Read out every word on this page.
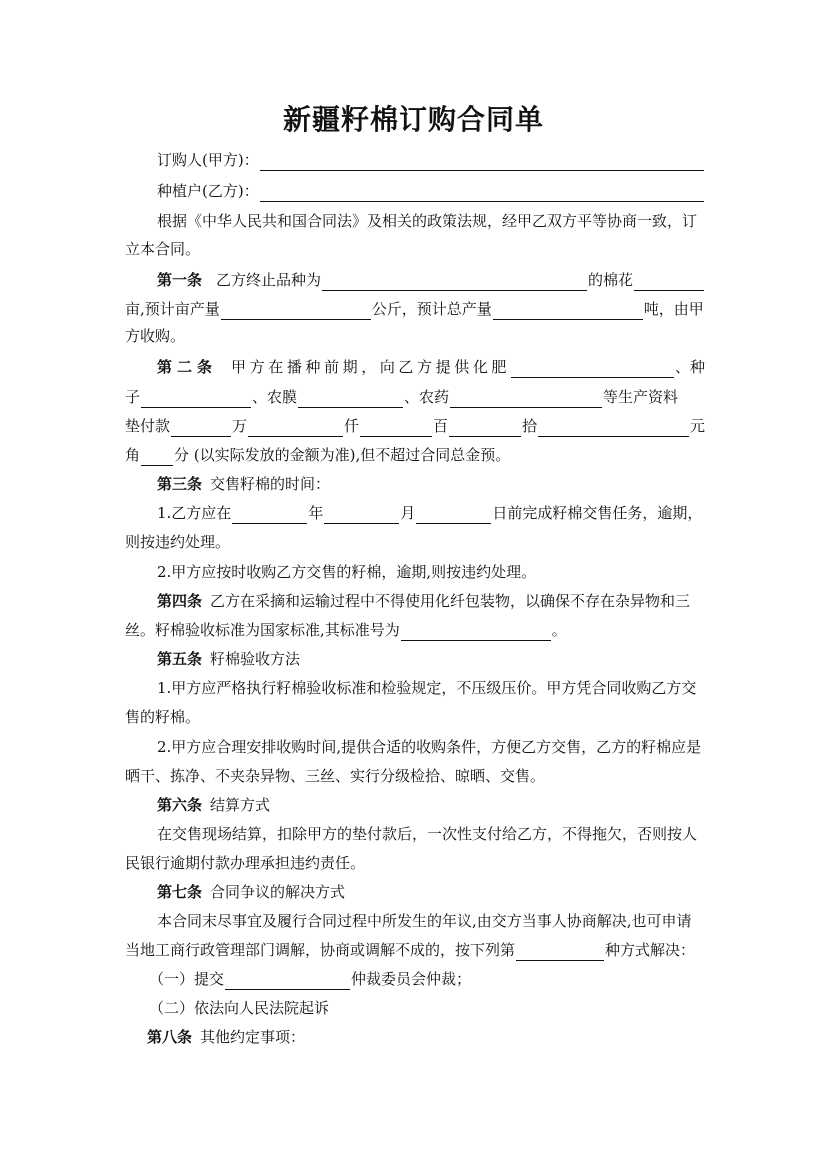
新疆籽棉订购合同单
订购人(甲方)：
种植户(乙方)：
根据《中华人民共和国合同法》及相关的政策法规，经甲乙双方平等协商一致，订
立本合同。
第一条 乙方终止品种为	的棉花
亩,预计亩产量	公斤，预计总产量	吨，由甲
方收购。
第二条 甲方在播种前期，向乙方提供化肥	、种
子	、农膜	、农药	等生产资料
垫付款	万	仟	百	拾	元
角 分 (以实际发放的金额为准),但不超过合同总金预。
第三条 交售籽棉的时间：
1.乙方应在	年	月	日前完成籽棉交售任务，逾期，
则按违约处理。
2.甲方应按时收购乙方交售的籽棉，逾期,则按违约处理。
第四条 乙方在采摘和运输过程中不得使用化纤包装物，以确保不存在杂异物和三
丝。籽棉验收标准为国家标准,其标准号为	。
第五条 籽棉验收方法
1.甲方应严格执行籽棉验收标准和检验规定，不压级压价。甲方凭合同收购乙方交
售的籽棉。
2.甲方应合理安排收购时间,提供合适的收购条件，方便乙方交售，乙方的籽棉应是
晒干、拣净、不夹杂异物、三丝、实行分级检拾、晾晒、交售。
第六条 结算方式
在交售现场结算，扣除甲方的垫付款后，一次性支付给乙方，不得拖欠，否则按人
民银行逾期付款办理承担违约责任。
第七条 合同争议的解决方式
本合同末尽事宜及履行合同过程中所发生的年议,由交方当事人协商解决,也可申请
当地工商行政管理部门调解，协商或调解不成的，按下列第	种方式解决：
（一）提交	仲裁委员会仲裁；
（二）依法向人民法院起诉
第八条 其他约定事项：
